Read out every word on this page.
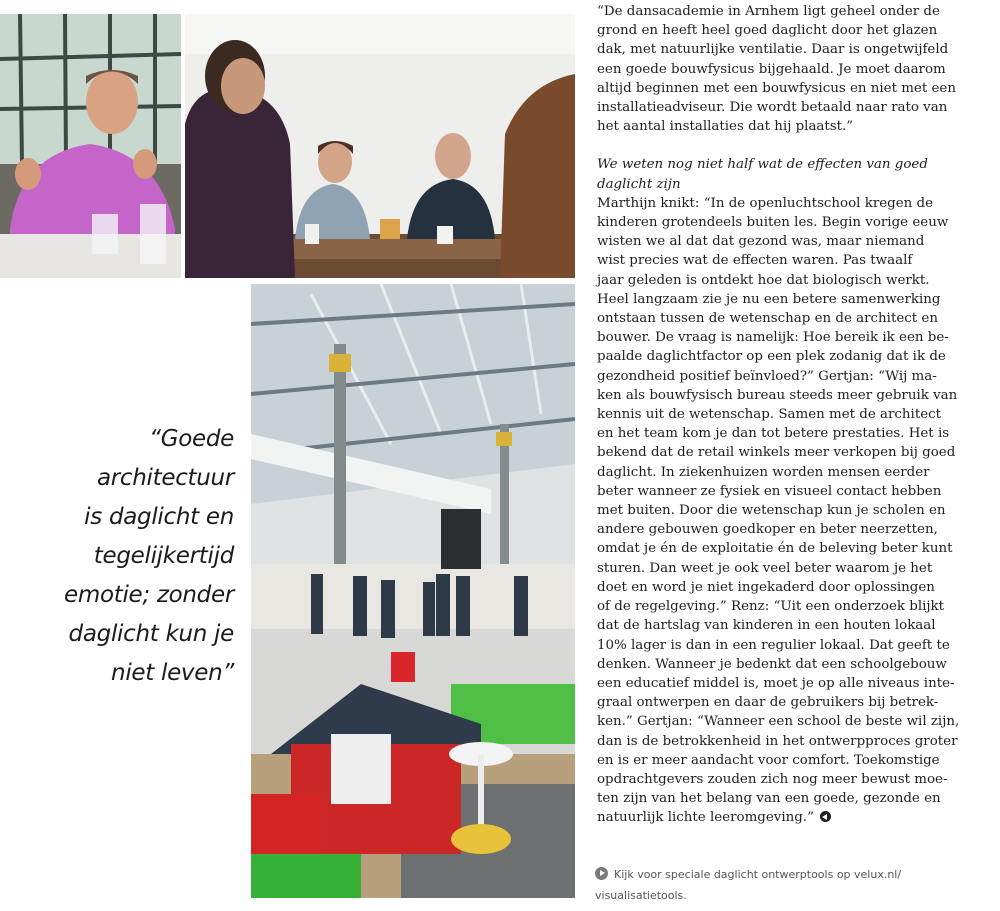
“Goede
architectuur
is daglicht en
tegelijkertijd
emotie; zonder
daglicht kun je
niet leven”
“De dansacademie in Arnhem ligt geheel onder de
grond en heeft heel goed daglicht door het glazen
dak, met natuurlijke ventilatie. Daar is ongetwijfeld
een goede bouwfysicus bijgehaald. Je moet daarom
altijd beginnen met een bouwfysicus en niet met een
installatieadviseur. Die wordt betaald naar rato van
het aantal installaties dat hij plaatst.”
We weten nog niet half wat de effecten van goed
daglicht zijn
Marthijn knikt: “In de openluchtschool kregen de
kinderen grotendeels buiten les. Begin vorige eeuw
wisten we al dat dat gezond was, maar niemand
wist precies wat de effecten waren. Pas twaalf
jaar geleden is ontdekt hoe dat biologisch werkt.
Heel langzaam zie je nu een betere samenwerking
ontstaan tussen de wetenschap en de architect en
bouwer. De vraag is namelijk: Hoe bereik ik een be-
paalde daglichtfactor op een plek zodanig dat ik de
gezondheid positief beïnvloed?” Gertjan: “Wij ma-
ken als bouwfysisch bureau steeds meer gebruik van
kennis uit de wetenschap. Samen met de architect
en het team kom je dan tot betere prestaties. Het is
bekend dat de retail winkels meer verkopen bij goed
daglicht. In ziekenhuizen worden mensen eerder
beter wanneer ze fysiek en visueel contact hebben
met buiten. Door die wetenschap kun je scholen en
andere gebouwen goedkoper en beter neerzetten,
omdat je én de exploitatie én de beleving beter kunt
sturen. Dan weet je ook veel beter waarom je het
doet en word je niet ingekaderd door oplossingen
of de regelgeving.” Renz: “Uit een onderzoek blijkt
dat de hartslag van kinderen in een houten lokaal
10% lager is dan in een regulier lokaal. Dat geeft te
denken. Wanneer je bedenkt dat een schoolgebouw
een educatief middel is, moet je op alle niveaus inte-
graal ontwerpen en daar de gebruikers bij betrek-
ken.” Gertjan: “Wanneer een school de beste wil zijn,
dan is de betrokkenheid in het ontwerpproces groter
en is er meer aandacht voor comfort. Toekomstige
opdrachtgevers zouden zich nog meer bewust moe-
ten zijn van het belang van een goede, gezonde en
natuurlijk lichte leeromgeving.”
Kijk voor speciale daglicht ontwerptools op velux.nl/
visualisatietools.
